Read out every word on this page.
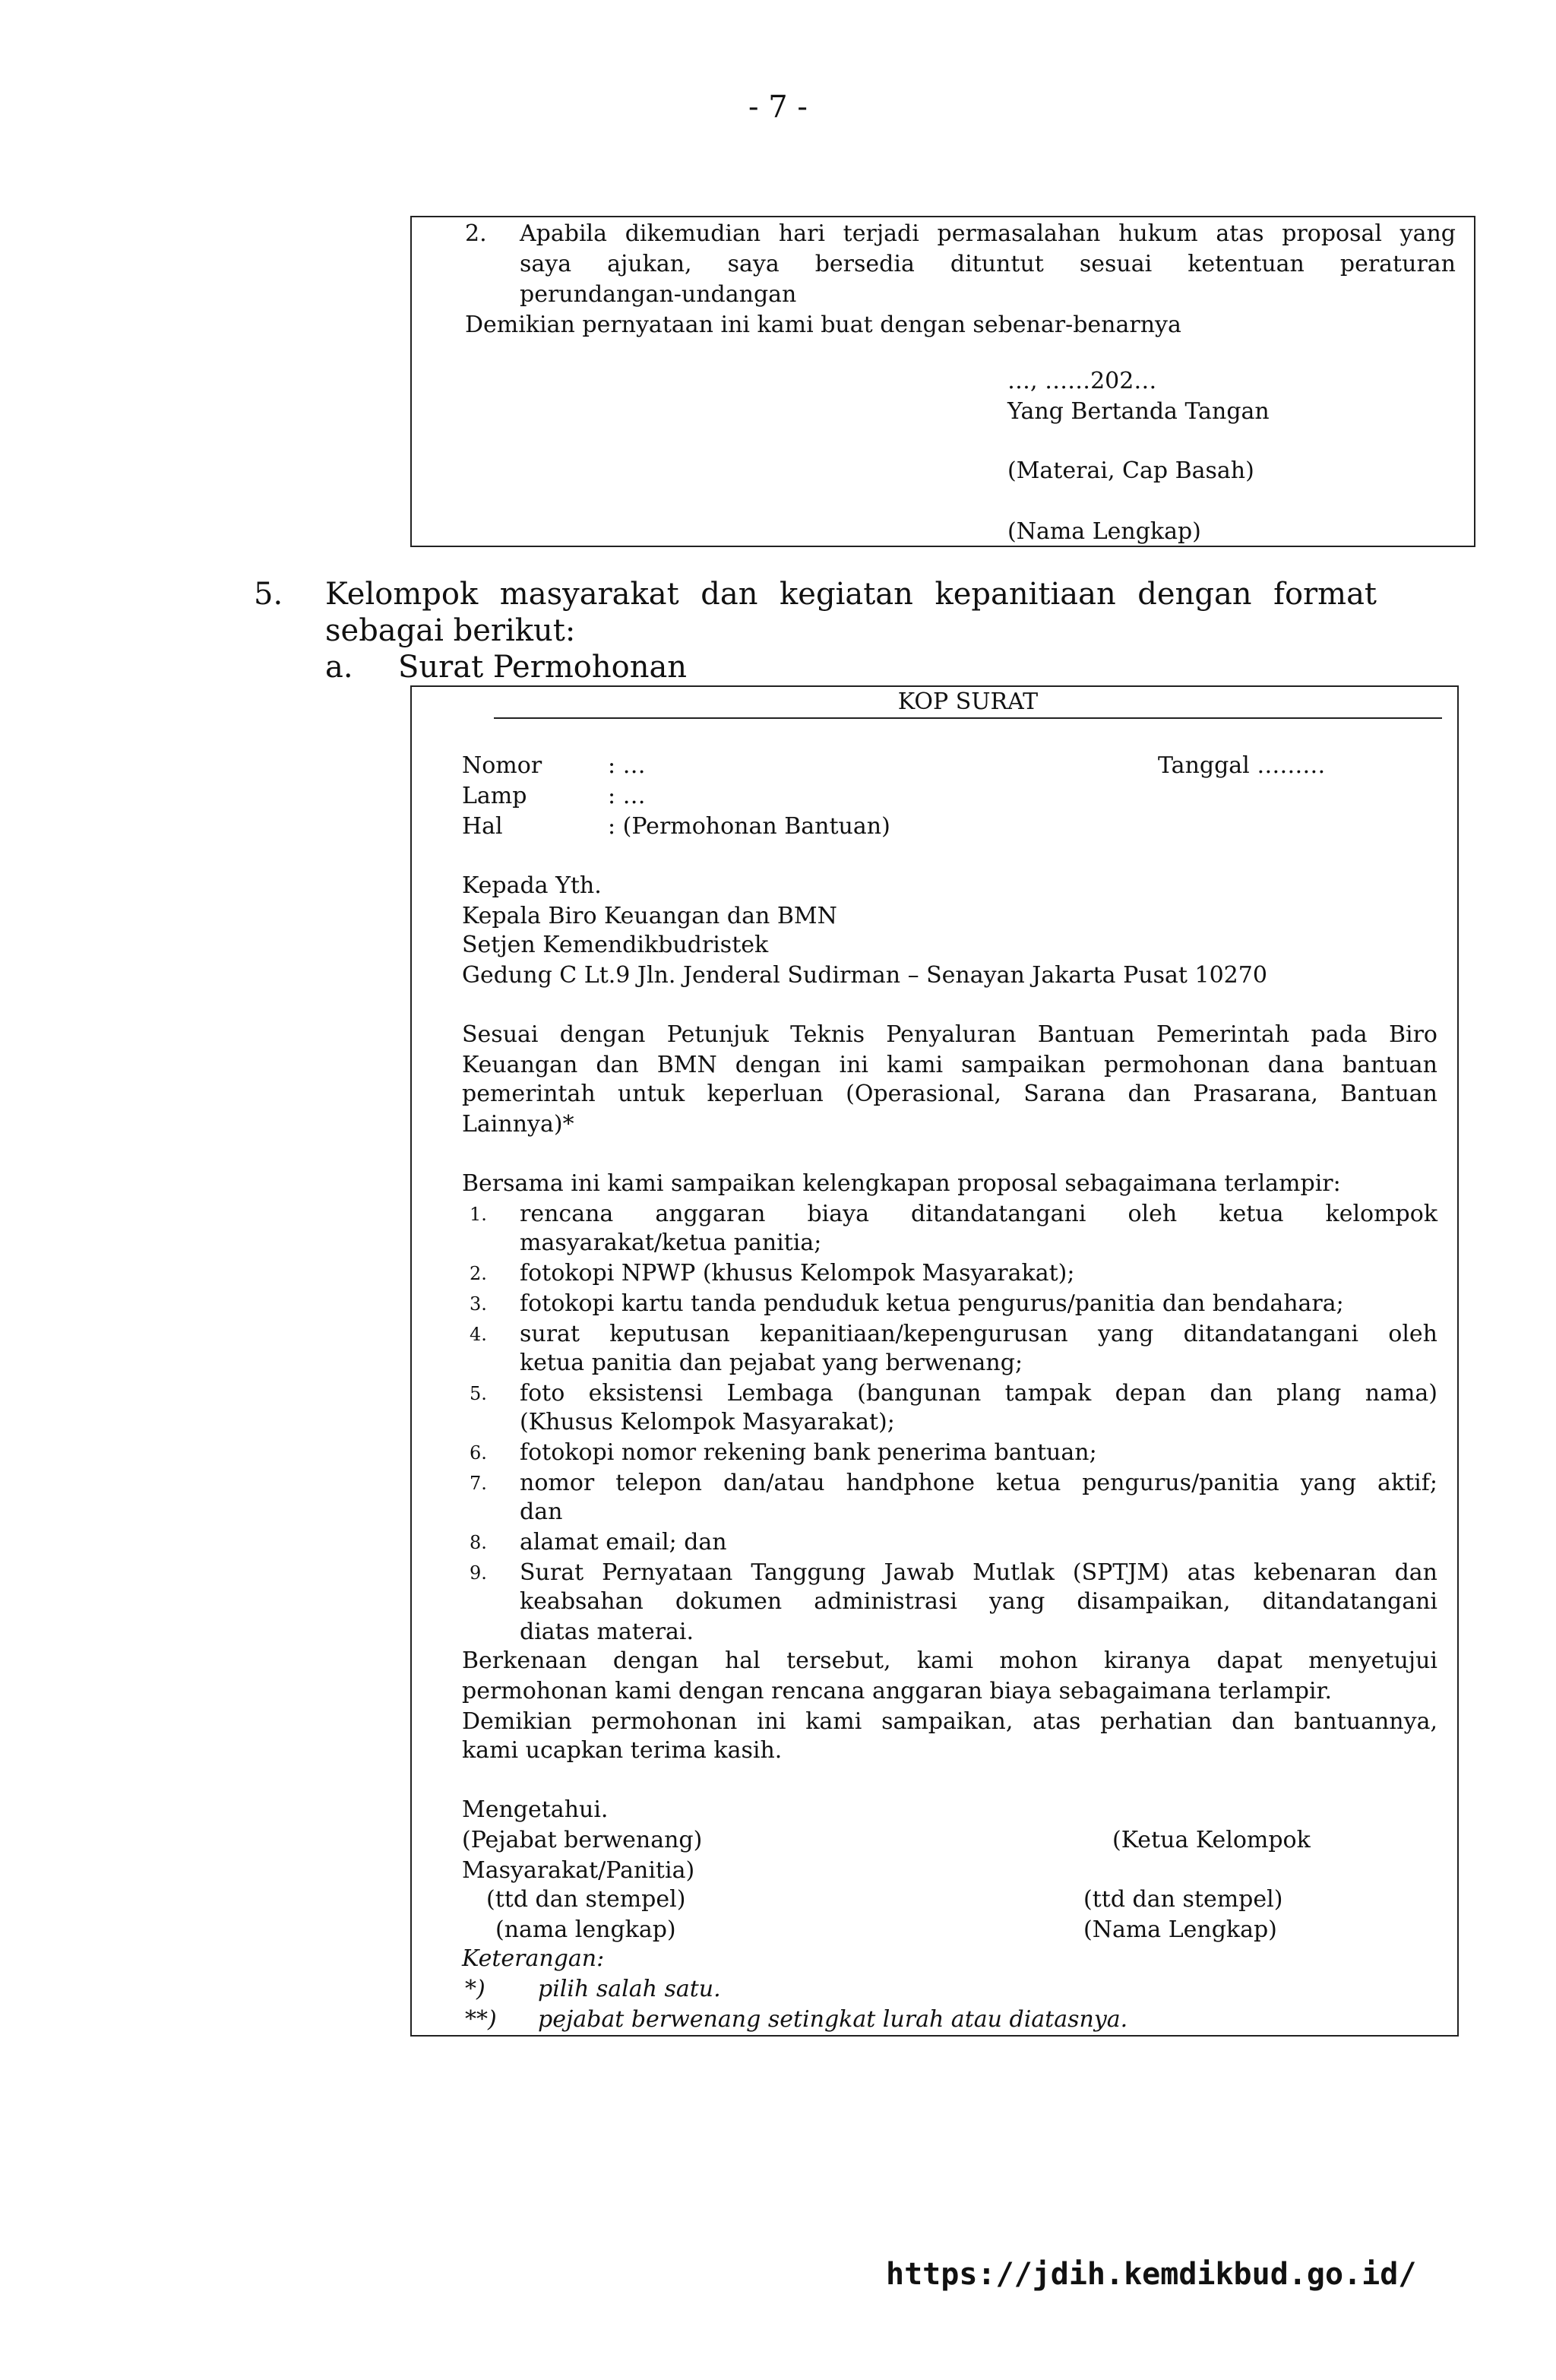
- 7 -
2. Apabila dikemudian hari terjadi permasalahan hukum atas proposal yang
saya ajukan, saya bersedia dituntut sesuai ketentuan peraturan
perundangan-undangan
Demikian pernyataan ini kami buat dengan sebenar-benarnya
…, ……202…
Yang Bertanda Tangan
(Materai, Cap Basah)
(Nama Lengkap)
5. Kelompok masyarakat dan kegiatan kepanitiaan dengan format
sebagai berikut:
a. Surat Permohonan
KOP SURAT
Nomor	: …	Tanggal ………
Lamp	: …
Hal	: (Permohonan Bantuan)
Kepada Yth.
Kepala Biro Keuangan dan BMN
Setjen Kemendikbudristek
Gedung C Lt.9 Jln. Jenderal Sudirman – Senayan Jakarta Pusat 10270
Sesuai dengan Petunjuk Teknis Penyaluran Bantuan Pemerintah pada Biro
Keuangan dan BMN dengan ini kami sampaikan permohonan dana bantuan
pemerintah untuk keperluan (Operasional, Sarana dan Prasarana, Bantuan
Lainnya)*
Bersama ini kami sampaikan kelengkapan proposal sebagaimana terlampir:
1. rencana anggaran biaya ditandatangani oleh ketua kelompok
masyarakat/ketua panitia;
2. fotokopi NPWP (khusus Kelompok Masyarakat);
3. fotokopi kartu tanda penduduk ketua pengurus/panitia dan bendahara;
4. surat keputusan kepanitiaan/kepengurusan yang ditandatangani oleh
ketua panitia dan pejabat yang berwenang;
5. foto eksistensi Lembaga (bangunan tampak depan dan plang nama)
(Khusus Kelompok Masyarakat);
6. fotokopi nomor rekening bank penerima bantuan;
7. nomor telepon dan/atau handphone ketua pengurus/panitia yang aktif;
dan
8. alamat email; dan
9. Surat Pernyataan Tanggung Jawab Mutlak (SPTJM) atas kebenaran dan
keabsahan dokumen administrasi yang disampaikan, ditandatangani
diatas materai.
Berkenaan dengan hal tersebut, kami mohon kiranya dapat menyetujui
permohonan kami dengan rencana anggaran biaya sebagaimana terlampir.
Demikian permohonan ini kami sampaikan, atas perhatian dan bantuannya,
kami ucapkan terima kasih.
Mengetahui.
(Pejabat berwenang)	(Ketua Kelompok
Masyarakat/Panitia)
(ttd dan stempel)	(ttd dan stempel)
(nama lengkap)	(Nama Lengkap)
Keterangan:
*) pilih salah satu.
**) pejabat berwenang setingkat lurah atau diatasnya.
https://jdih.kemdikbud.go.id/
